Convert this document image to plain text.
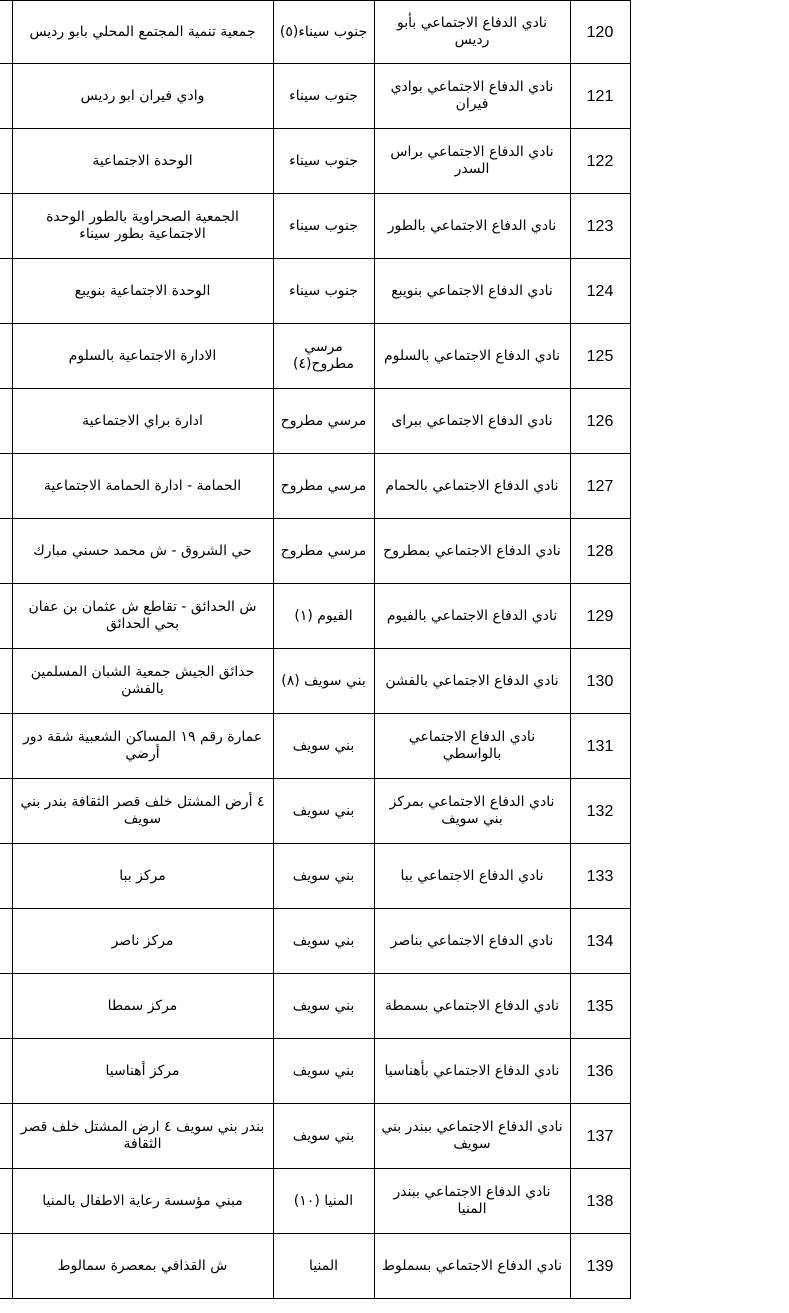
	جمعية تنمية المجتمع المحلي بابو رديس	جنوب سيناء(٥)	نادي الدفاع الاجتماعي بأبو رديس	120
	وادي فيران ابو رديس	جنوب سيناء	نادي الدفاع الاجتماعي بوادي فيران	121
	الوحدة الاجتماعية	جنوب سيناء	نادي الدفاع الاجتماعي براس السدر	122
	الجمعية الصحراوية بالطور الوحدة الاجتماعية بطور سيناء	جنوب سيناء	نادي الدفاع الاجتماعي بالطور	123
	الوحدة الاجتماعية بنويبع	جنوب سيناء	نادي الدفاع الاجتماعي بنويبع	124
	الادارة الاجتماعية بالسلوم	مرسي مطروح(٤)	نادي الدفاع الاجتماعي بالسلوم	125
	ادارة براي الاجتماعية	مرسي مطروح	نادي الدفاع الاجتماعي ببراى	126
	الحمامة - ادارة الحمامة الاجتماعية	مرسي مطروح	نادي الدفاع الاجتماعي بالحمام	127
	حي الشروق - ش محمد حسني مبارك	مرسي مطروح	نادي الدفاع الاجتماعي بمطروح	128
	ش الحدائق - تقاطع ش عثمان بن عفان بحي الحدائق	الفيوم (١)	نادي الدفاع الاجتماعي بالفيوم	129
	حدائق الجيش جمعية الشبان المسلمين بالفشن	بني سويف (٨)	نادي الدفاع الاجتماعي بالفشن	130
	عمارة رقم ١٩ المساكن الشعبية شقة دور أرضي	بني سويف	نادي الدفاع الاجتماعي بالواسطي	131
	٤ أرض المشتل خلف قصر الثقافة بندر بني سويف	بني سويف	نادي الدفاع الاجتماعي بمركز بني سويف	132
	مركز ببا	بني سويف	نادي الدفاع الاجتماعي ببا	133
	مركز ناصر	بني سويف	نادي الدفاع الاجتماعي بناصر	134
	مركز سمطا	بني سويف	نادي الدفاع الاجتماعي بسمطة	135
	مركز أهناسيا	بني سويف	نادي الدفاع الاجتماعي بأهناسيا	136
	بندر بني سويف ٤ ارض المشتل خلف قصر الثقافة	بني سويف	نادي الدفاع الاجتماعي ببندر بني سويف	137
	مبني مؤسسة رعاية الاطفال بالمنيا	المنيا (١٠)	نادي الدفاع الاجتماعي ببندر المنيا	138
	ش القذافي بمعصرة سمالوط	المنيا	نادي الدفاع الاجتماعي بسملوط	139
